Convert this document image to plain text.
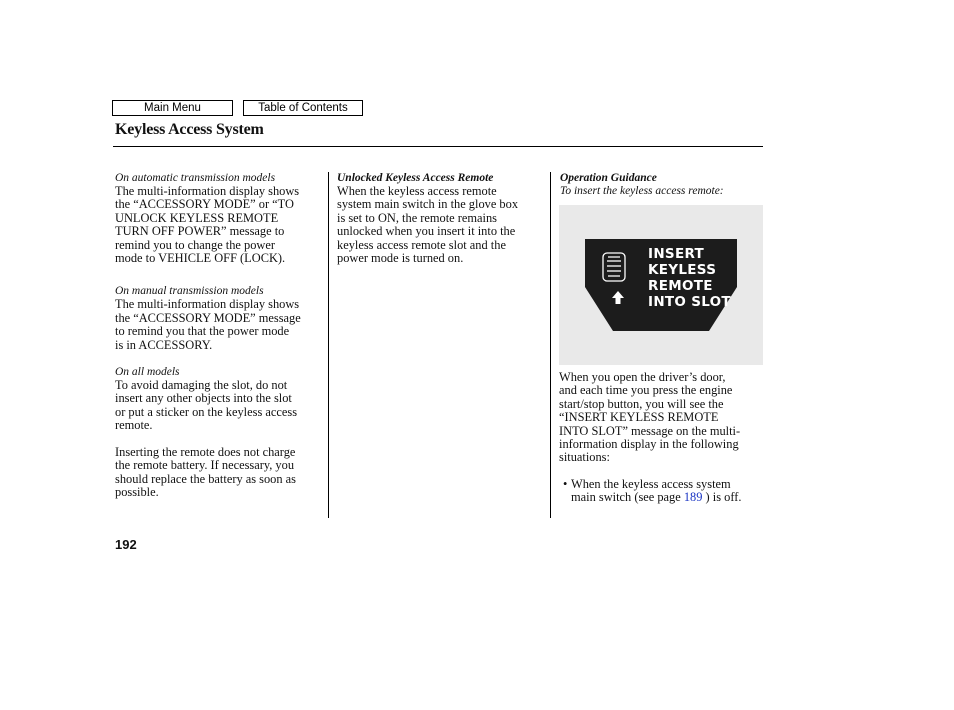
Main Menu	Table of Contents
Keyless Access System

On automatic transmission models

The multi-information display shows
the “ACCESSORY MODE” or “TO
UNLOCK KEYLESS REMOTE
TURN OFF POWER” message to
remind you to change the power
mode to VEHICLE OFF (LOCK).

On manual transmission models

The multi-information display shows
the “ACCESSORY MODE” message
to remind you that the power mode
is in ACCESSORY.

On all models

To avoid damaging the slot, do not
insert any other objects into the slot
or put a sticker on the keyless access
remote.

Inserting the remote does not charge
the remote battery. If necessary, you
should replace the battery as soon as
possible.

Unlocked Keyless Access Remote

When the keyless access remote
system main switch in the glove box
is set to ON, the remote remains
unlocked when you insert it into the
keyless access remote slot and the
power mode is turned on.

Operation Guidance

To insert the keyless access remote:

INSERT
KEYLESS
REMOTE
INTO SLOT

When you open the driver’s door,
and each time you press the engine
start/stop button, you will see the
“INSERT KEYLESS REMOTE
INTO SLOT” message on the multi-
information display in the following
situations:

• When the keyless access system
main switch (see page 189 ) is off.

192
